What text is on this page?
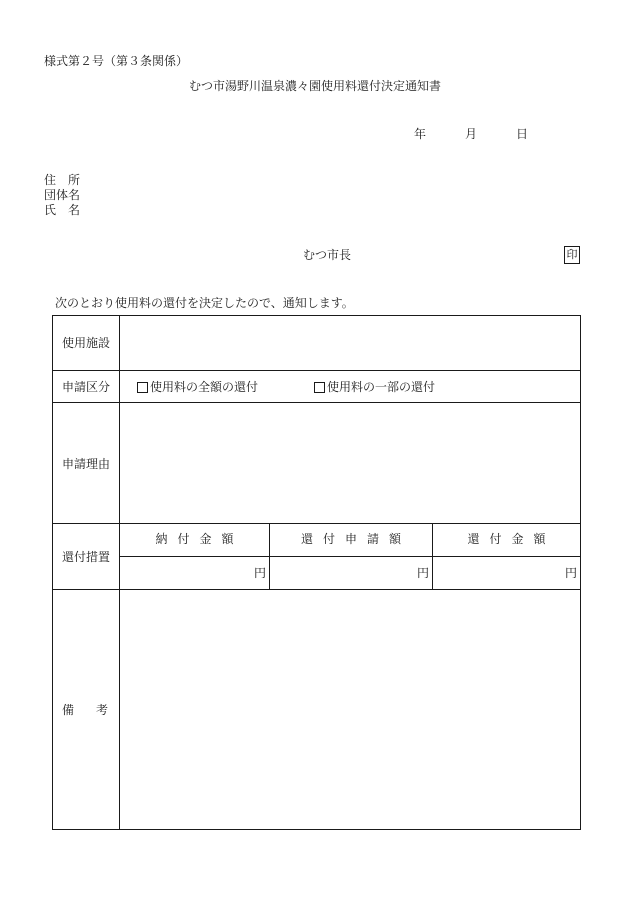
様式第２号（第３条関係）
むつ市湯野川温泉濃々園使用料還付決定通知書
年	月	日
住　所
団体名
氏　名
むつ市長	印
次のとおり使用料の還付を決定したので、通知します。
使用施設
申請区分	使用料の全額の還付	使用料の一部の還付
申請理由
還付措置
納付金額	還付申請額	還付金額
円	円	円
備考
